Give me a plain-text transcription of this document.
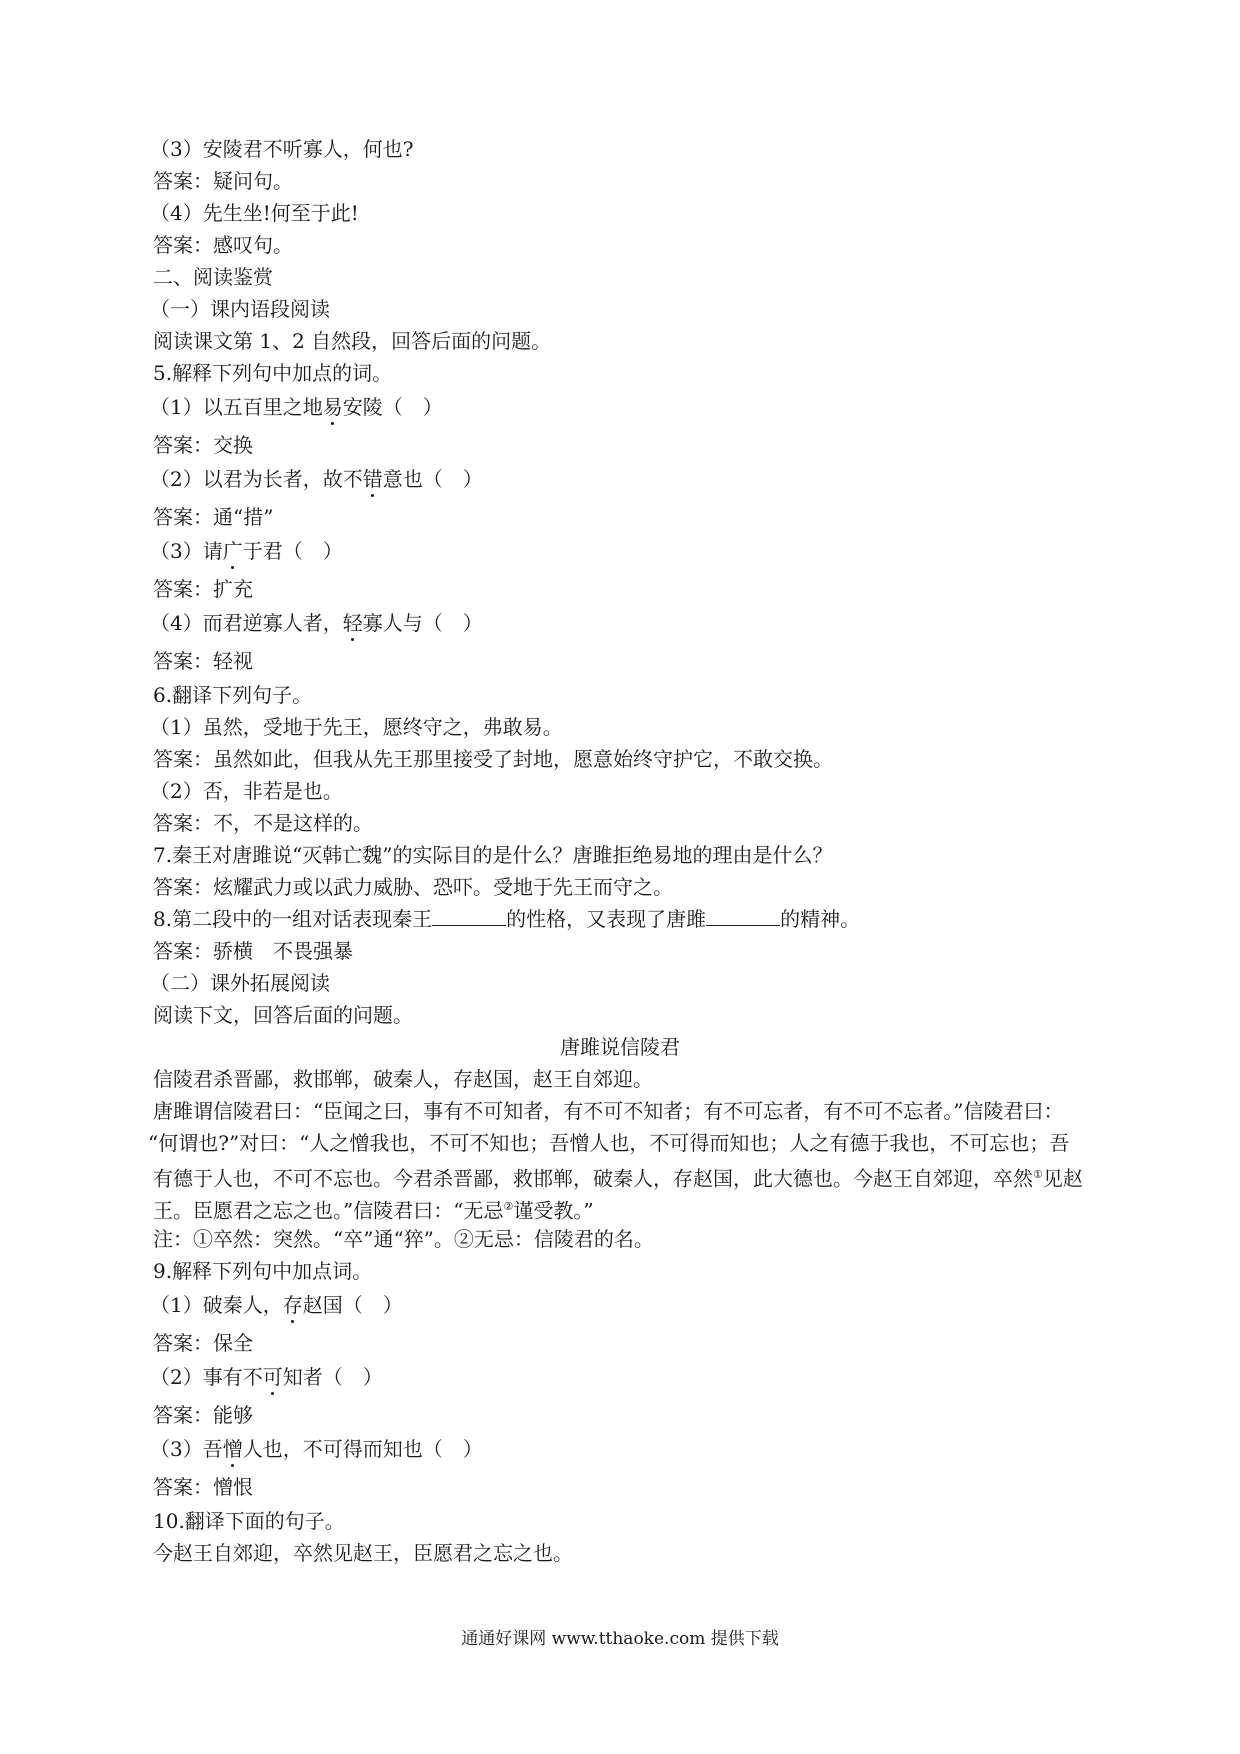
（3）安陵君不听寡人，何也?

答案：疑问句。

（4）先生坐!何至于此!

答案：感叹句。

二、阅读鉴赏

（一）课内语段阅读

阅读课文第 1、2 自然段，回答后面的问题。

5.解释下列句中加点的词。

（1）以五百里之地易安陵（　）

答案：交换

（2）以君为长者，故不错意也（　）

答案：通“措”

（3）请广于君（　）

答案：扩充

（4）而君逆寡人者，轻寡人与（　）

答案：轻视

6.翻译下列句子。

（1）虽然，受地于先王，愿终守之，弗敢易。

答案：虽然如此，但我从先王那里接受了封地，愿意始终守护它，不敢交换。

（2）否，非若是也。

答案：不，不是这样的。

7.秦王对唐雎说“灭韩亡魏”的实际目的是什么？唐雎拒绝易地的理由是什么？

答案：炫耀武力或以武力威胁、恐吓。受地于先王而守之。

8.第二段中的一组对话表现秦王	的性格，又表现了唐雎	的精神。

答案：骄横　不畏强暴

（二）课外拓展阅读

阅读下文，回答后面的问题。

唐雎说信陵君

信陵君杀晋鄙，救邯郸，破秦人，存赵国，赵王自郊迎。

唐雎谓信陵君曰：“臣闻之曰，事有不可知者，有不可不知者；有不可忘者，有不可不忘者。”信陵君曰：

“何谓也?”对曰：“人之憎我也，不可不知也；吾憎人也，不可得而知也；人之有德于我也，不可忘也；吾

有德于人也，不可不忘也。今君杀晋鄙，救邯郸，破秦人，存赵国，此大德也。今赵王自郊迎，卒然①见赵

王。臣愿君之忘之也。”信陵君曰：“无忌②谨受教。”

注：①卒然：突然。“卒”通“猝”。②无忌：信陵君的名。

9.解释下列句中加点词。

（1）破秦人，存赵国（　）

答案：保全

（2）事有不可知者（　）

答案：能够

（3）吾憎人也，不可得而知也（　）

答案：憎恨

10.翻译下面的句子。

今赵王自郊迎，卒然见赵王，臣愿君之忘之也。

通通好课网 www.tthaoke.com 提供下载
